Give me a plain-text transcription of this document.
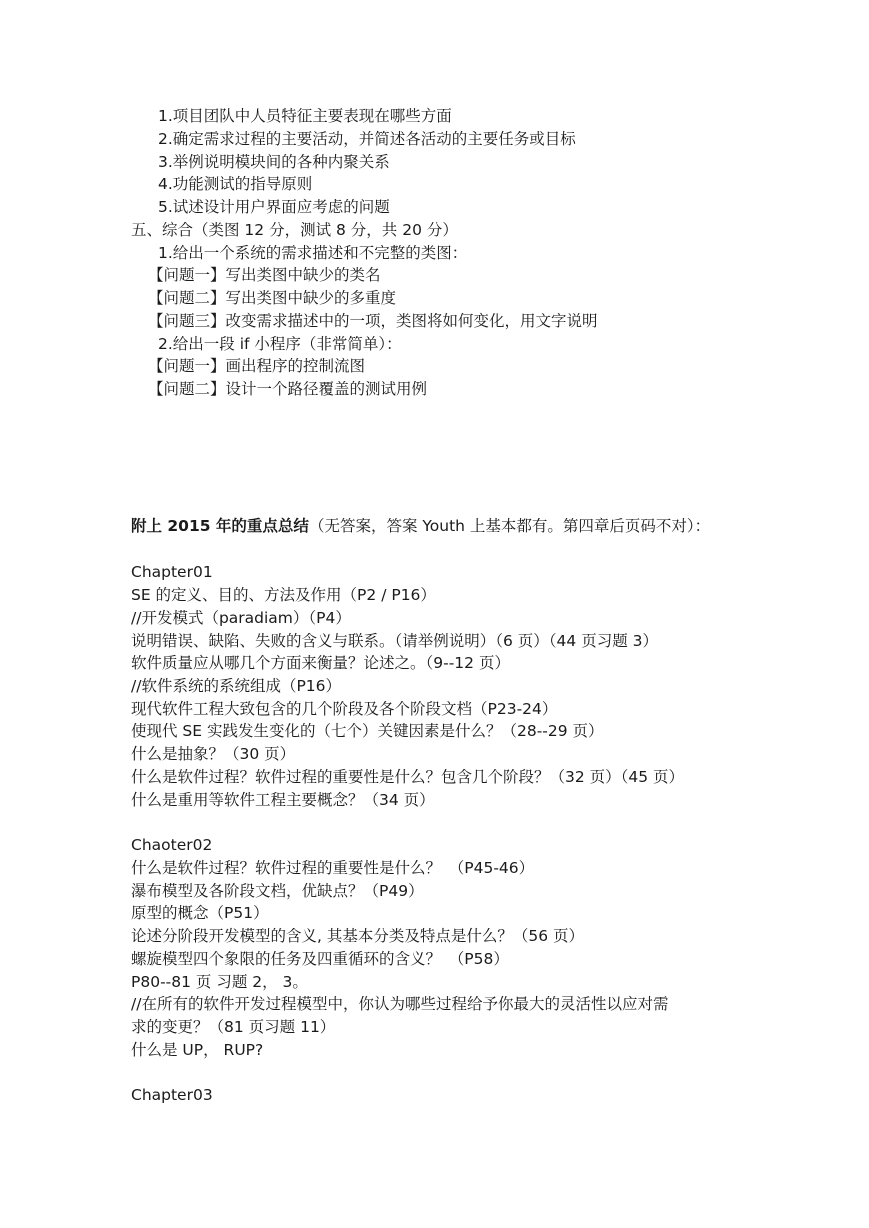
1.项目团队中人员特征主要表现在哪些方面
2.确定需求过程的主要活动，并简述各活动的主要任务或目标
3.举例说明模块间的各种内聚关系
4.功能测试的指导原则
5.试述设计用户界面应考虑的问题
五、综合（类图 12 分，测试 8 分，共 20 分）
1.给出一个系统的需求描述和不完整的类图：
【问题一】写出类图中缺少的类名
【问题二】写出类图中缺少的多重度
【问题三】改变需求描述中的一项，类图将如何变化，用文字说明
2.给出一段 if 小程序（非常简单）：
【问题一】画出程序的控制流图
【问题二】设计一个路径覆盖的测试用例
附上 2015 年的重点总结（无答案，答案 Youth 上基本都有。第四章后页码不对）：
Chapter01
SE 的定义、目的、方法及作用（P2 / P16）
//开发模式（paradiam）（P4）
说明错误、缺陷、失败的含义与联系。（请举例说明）（6 页）（44 页习题 3）
软件质量应从哪几个方面来衡量？论述之。（9--12 页）
//软件系统的系统组成（P16）
现代软件工程大致包含的几个阶段及各个阶段文档（P23-24）
使现代 SE 实践发生变化的（七个）关键因素是什么？（28--29 页）
什么是抽象？（30 页）
什么是软件过程？软件过程的重要性是什么？包含几个阶段？（32 页）（45 页）
什么是重用等软件工程主要概念？（34 页）
Chaoter02
什么是软件过程？软件过程的重要性是什么？　（P45-46）
瀑布模型及各阶段文档，优缺点？（P49）
原型的概念（P51）
论述分阶段开发模型的含义, 其基本分类及特点是什么？（56 页）
螺旋模型四个象限的任务及四重循环的含义？　（P58）
P80--81 页 习题 2， 3。
//在所有的软件开发过程模型中，你认为哪些过程给予你最大的灵活性以应对需
求的变更？（81 页习题 11）
什么是 UP， RUP?
Chapter03
